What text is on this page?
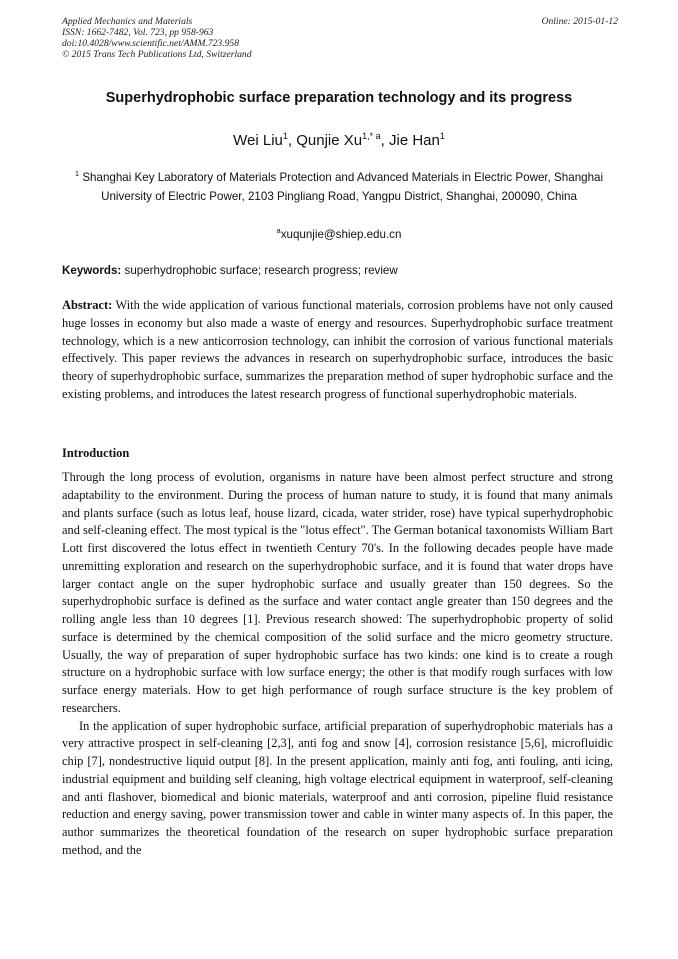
Applied Mechanics and Materials
ISSN: 1662-7482, Vol. 723, pp 958-963
doi:10.4028/www.scientific.net/AMM.723.958
© 2015 Trans Tech Publications Ltd, Switzerland
Online: 2015-01-12
Superhydrophobic surface preparation technology and its progress
Wei Liu$^1$, Qunjie $Xu^{1,* a}$, Jie Han$^1$
$^1$ Shanghai Key Laboratory of Materials Protection and Advanced Materials in Electric Power, Shanghai University of Electric Power, 2103 Pingliang Road, Yangpu District, Shanghai, 200090, China
$^a$xuqunjie@shiep.edu.cn
Keywords: superhydrophobic surface; research progress; review
Abstract: With the wide application of various functional materials, corrosion problems have not only caused huge losses in economy but also made a waste of energy and resources. Superhydrophobic surface treatment technology, which is a new anticorrosion technology, can inhibit the corrosion of various functional materials effectively. This paper reviews the advances in research on superhydrophobic surface, introduces the basic theory of superhydrophobic surface, summarizes the preparation method of super hydrophobic surface and the existing problems, and introduces the latest research progress of functional superhydrophobic materials.
Introduction

Through the long process of evolution, organisms in nature have been almost perfect structure and strong adaptability to the environment. During the process of human nature to study, it is found that many animals and plants surface (such as lotus leaf, house lizard, cicada, water strider, rose) have typical superhydrophobic and self-cleaning effect. The most typical is the "lotus effect". The German botanical taxonomists William Bart Lott first discovered the lotus effect in twentieth Century 70's. In the following decades people have made unremitting exploration and research on the superhydrophobic surface, and it is found that water drops have larger contact angle on the super hydrophobic surface and usually greater than 150 degrees. So the superhydrophobic surface is defined as the surface and water contact angle greater than 150 degrees and the rolling angle less than 10 degrees [1]. Previous research showed: The superhydrophobic property of solid surface is determined by the chemical composition of the solid surface and the micro geometry structure. Usually, the way of preparation of super hydrophobic surface has two kinds: one kind is to create a rough structure on a hydrophobic surface with low surface energy; the other is that modify rough surfaces with low surface energy materials. How to get high performance of rough surface structure is the key problem of researchers.

In the application of super hydrophobic surface, artificial preparation of superhydrophobic materials has a very attractive prospect in self-cleaning [2,3], anti fog and snow [4], corrosion resistance [5,6], microfluidic chip [7], nondestructive liquid output [8]. In the present application, mainly anti fog, anti fouling, anti icing, industrial equipment and building self cleaning, high voltage electrical equipment in waterproof, self-cleaning and anti flashover, biomedical and bionic materials, waterproof and anti corrosion, pipeline fluid resistance reduction and energy saving, power transmission tower and cable in winter many aspects of. In this paper, the author summarizes the theoretical foundation of the research on super hydrophobic surface preparation method, and the
